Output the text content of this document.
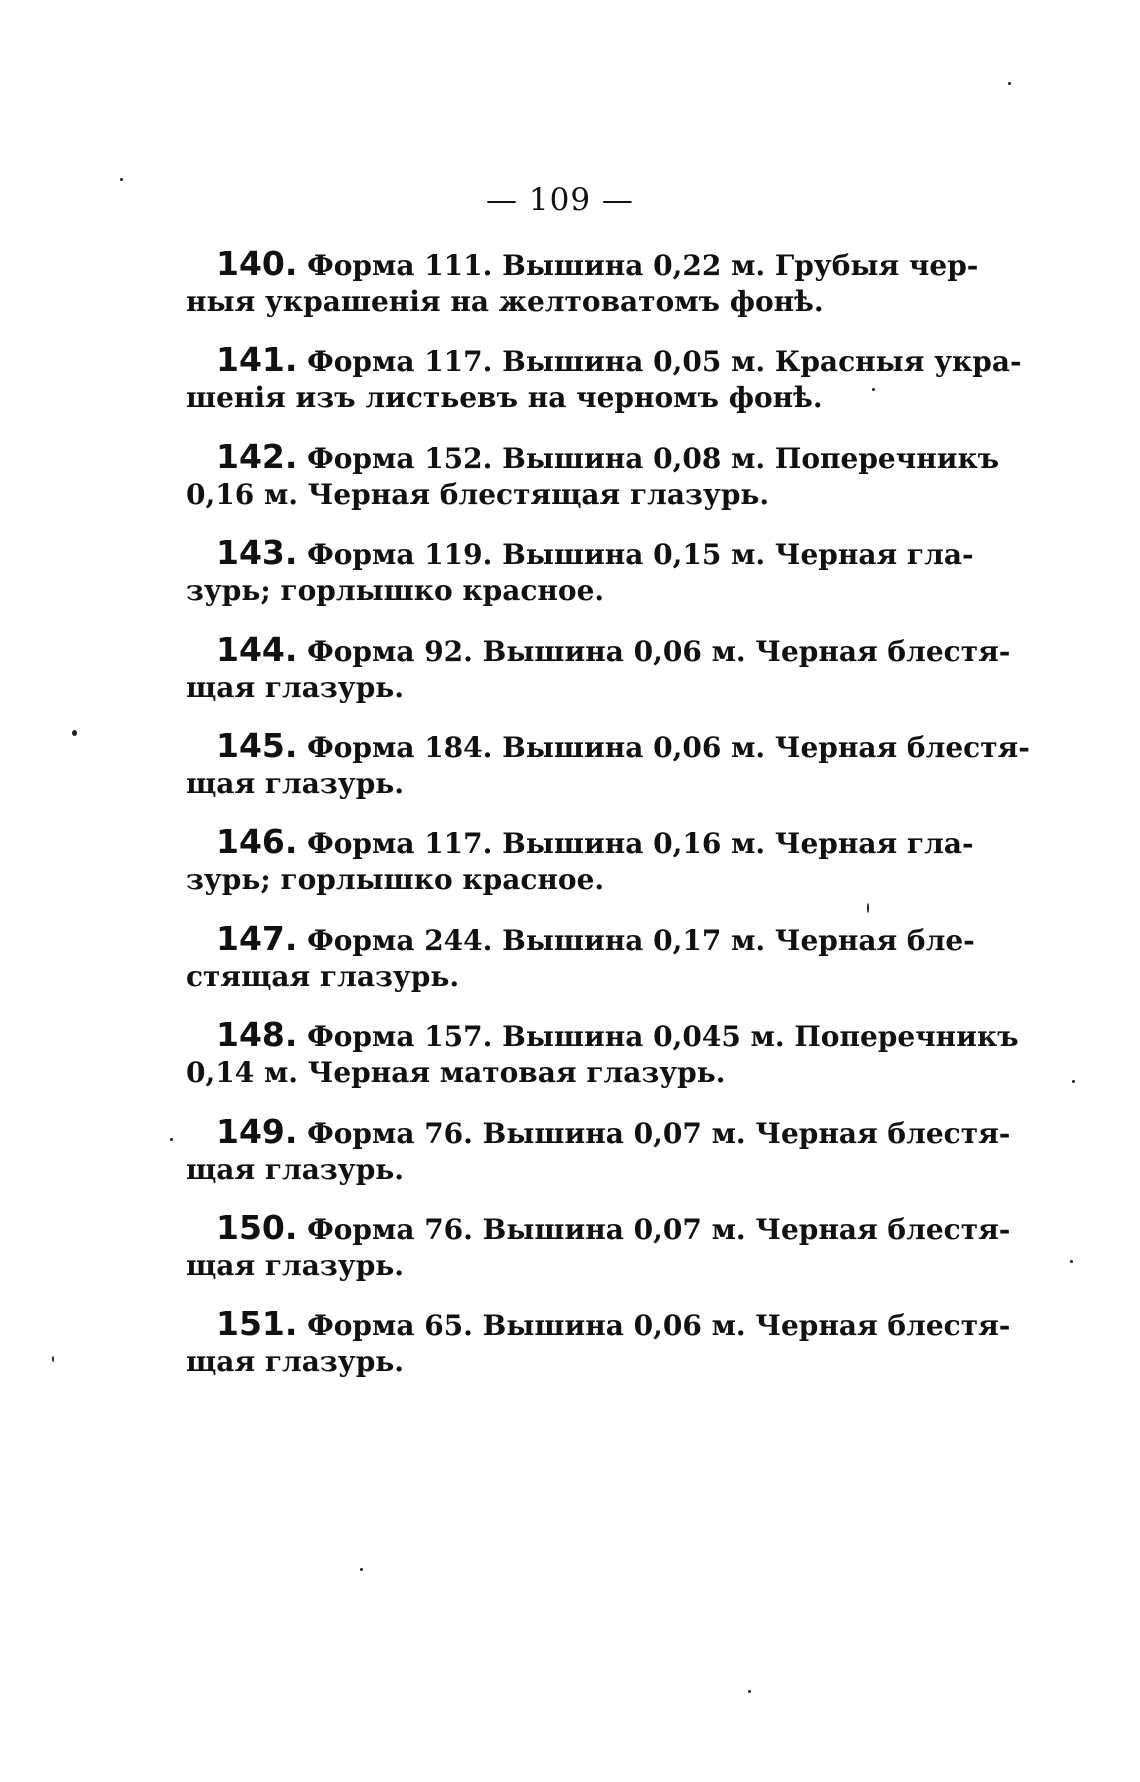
— 109 —
140. Форма 111. Вышина 0,22 м. Грубыя чер-
ныя украшенія на желтоватомъ фонѣ.
141. Форма 117. Вышина 0,05 м. Красныя укра-
шенія изъ листьевъ на черномъ фонѣ.
142. Форма 152. Вышина 0,08 м. Поперечникъ
0,16 м. Черная блестящая глазурь.
143. Форма 119. Вышина 0,15 м. Черная гла-
зурь; горлышко красное.
144. Форма 92. Вышина 0,06 м. Черная блестя-
щая глазурь.
145. Форма 184. Вышина 0,06 м. Черная блестя-
щая глазурь.
146. Форма 117. Вышина 0,16 м. Черная гла-
зурь; горлышко красное.
147. Форма 244. Вышина 0,17 м. Черная бле-
стящая глазурь.
148. Форма 157. Вышина 0,045 м. Поперечникъ
0,14 м. Черная матовая глазурь.
149. Форма 76. Вышина 0,07 м. Черная блестя-
щая глазурь.
150. Форма 76. Вышина 0,07 м. Черная блестя-
щая глазурь.
151. Форма 65. Вышина 0,06 м. Черная блестя-
щая глазурь.
